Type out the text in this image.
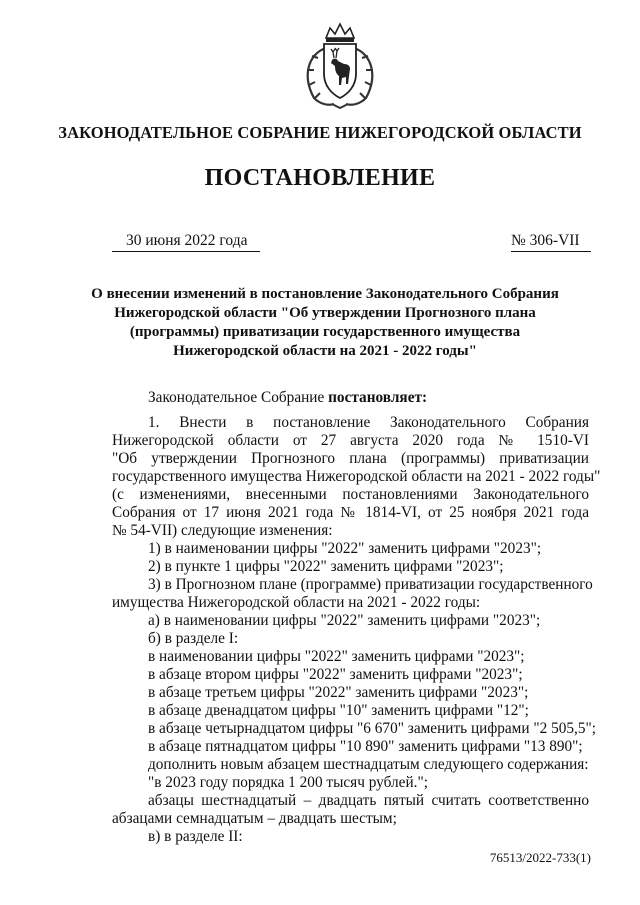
ЗАКОНОДАТЕЛЬНОЕ СОБРАНИЕ НИЖЕГОРОДСКОЙ ОБЛАСТИ
ПОСТАНОВЛЕНИЕ
30 июня 2022 года	№ 306-VII
О внесении изменений в постановление Законодательного Собрания
Нижегородской области "Об утверждении Прогнозного плана
(программы) приватизации государственного имущества
Нижегородской области на 2021 - 2022 годы"
Законодательное Собрание постановляет:
1. Внести в постановление Законодательного Собрания
Нижегородской области от 27 августа 2020 года № 1510-VI
"Об утверждении Прогнозного плана (программы) приватизации
государственного имущества Нижегородской области на 2021 - 2022 годы"
(с изменениями, внесенными постановлениями Законодательного
Собрания от 17 июня 2021 года № 1814-VI, от 25 ноября 2021 года
№ 54-VII) следующие изменения:
1) в наименовании цифры "2022" заменить цифрами "2023";
2) в пункте 1 цифры "2022" заменить цифрами "2023";
3) в Прогнозном плане (программе) приватизации государственного
имущества Нижегородской области на 2021 - 2022 годы:
а) в наименовании цифры "2022" заменить цифрами "2023";
б) в разделе I:
в наименовании цифры "2022" заменить цифрами "2023";
в абзаце втором цифры "2022" заменить цифрами "2023";
в абзаце третьем цифры "2022" заменить цифрами "2023";
в абзаце двенадцатом цифры "10" заменить цифрами "12";
в абзаце четырнадцатом цифры "6 670" заменить цифрами "2 505,5";
в абзаце пятнадцатом цифры "10 890" заменить цифрами "13 890";
дополнить новым абзацем шестнадцатым следующего содержания:
"в 2023 году порядка 1 200 тысяч рублей.";
абзацы шестнадцатый – двадцать пятый считать соответственно
абзацами семнадцатым – двадцать шестым;
в) в разделе II:
76513/2022-733(1)
